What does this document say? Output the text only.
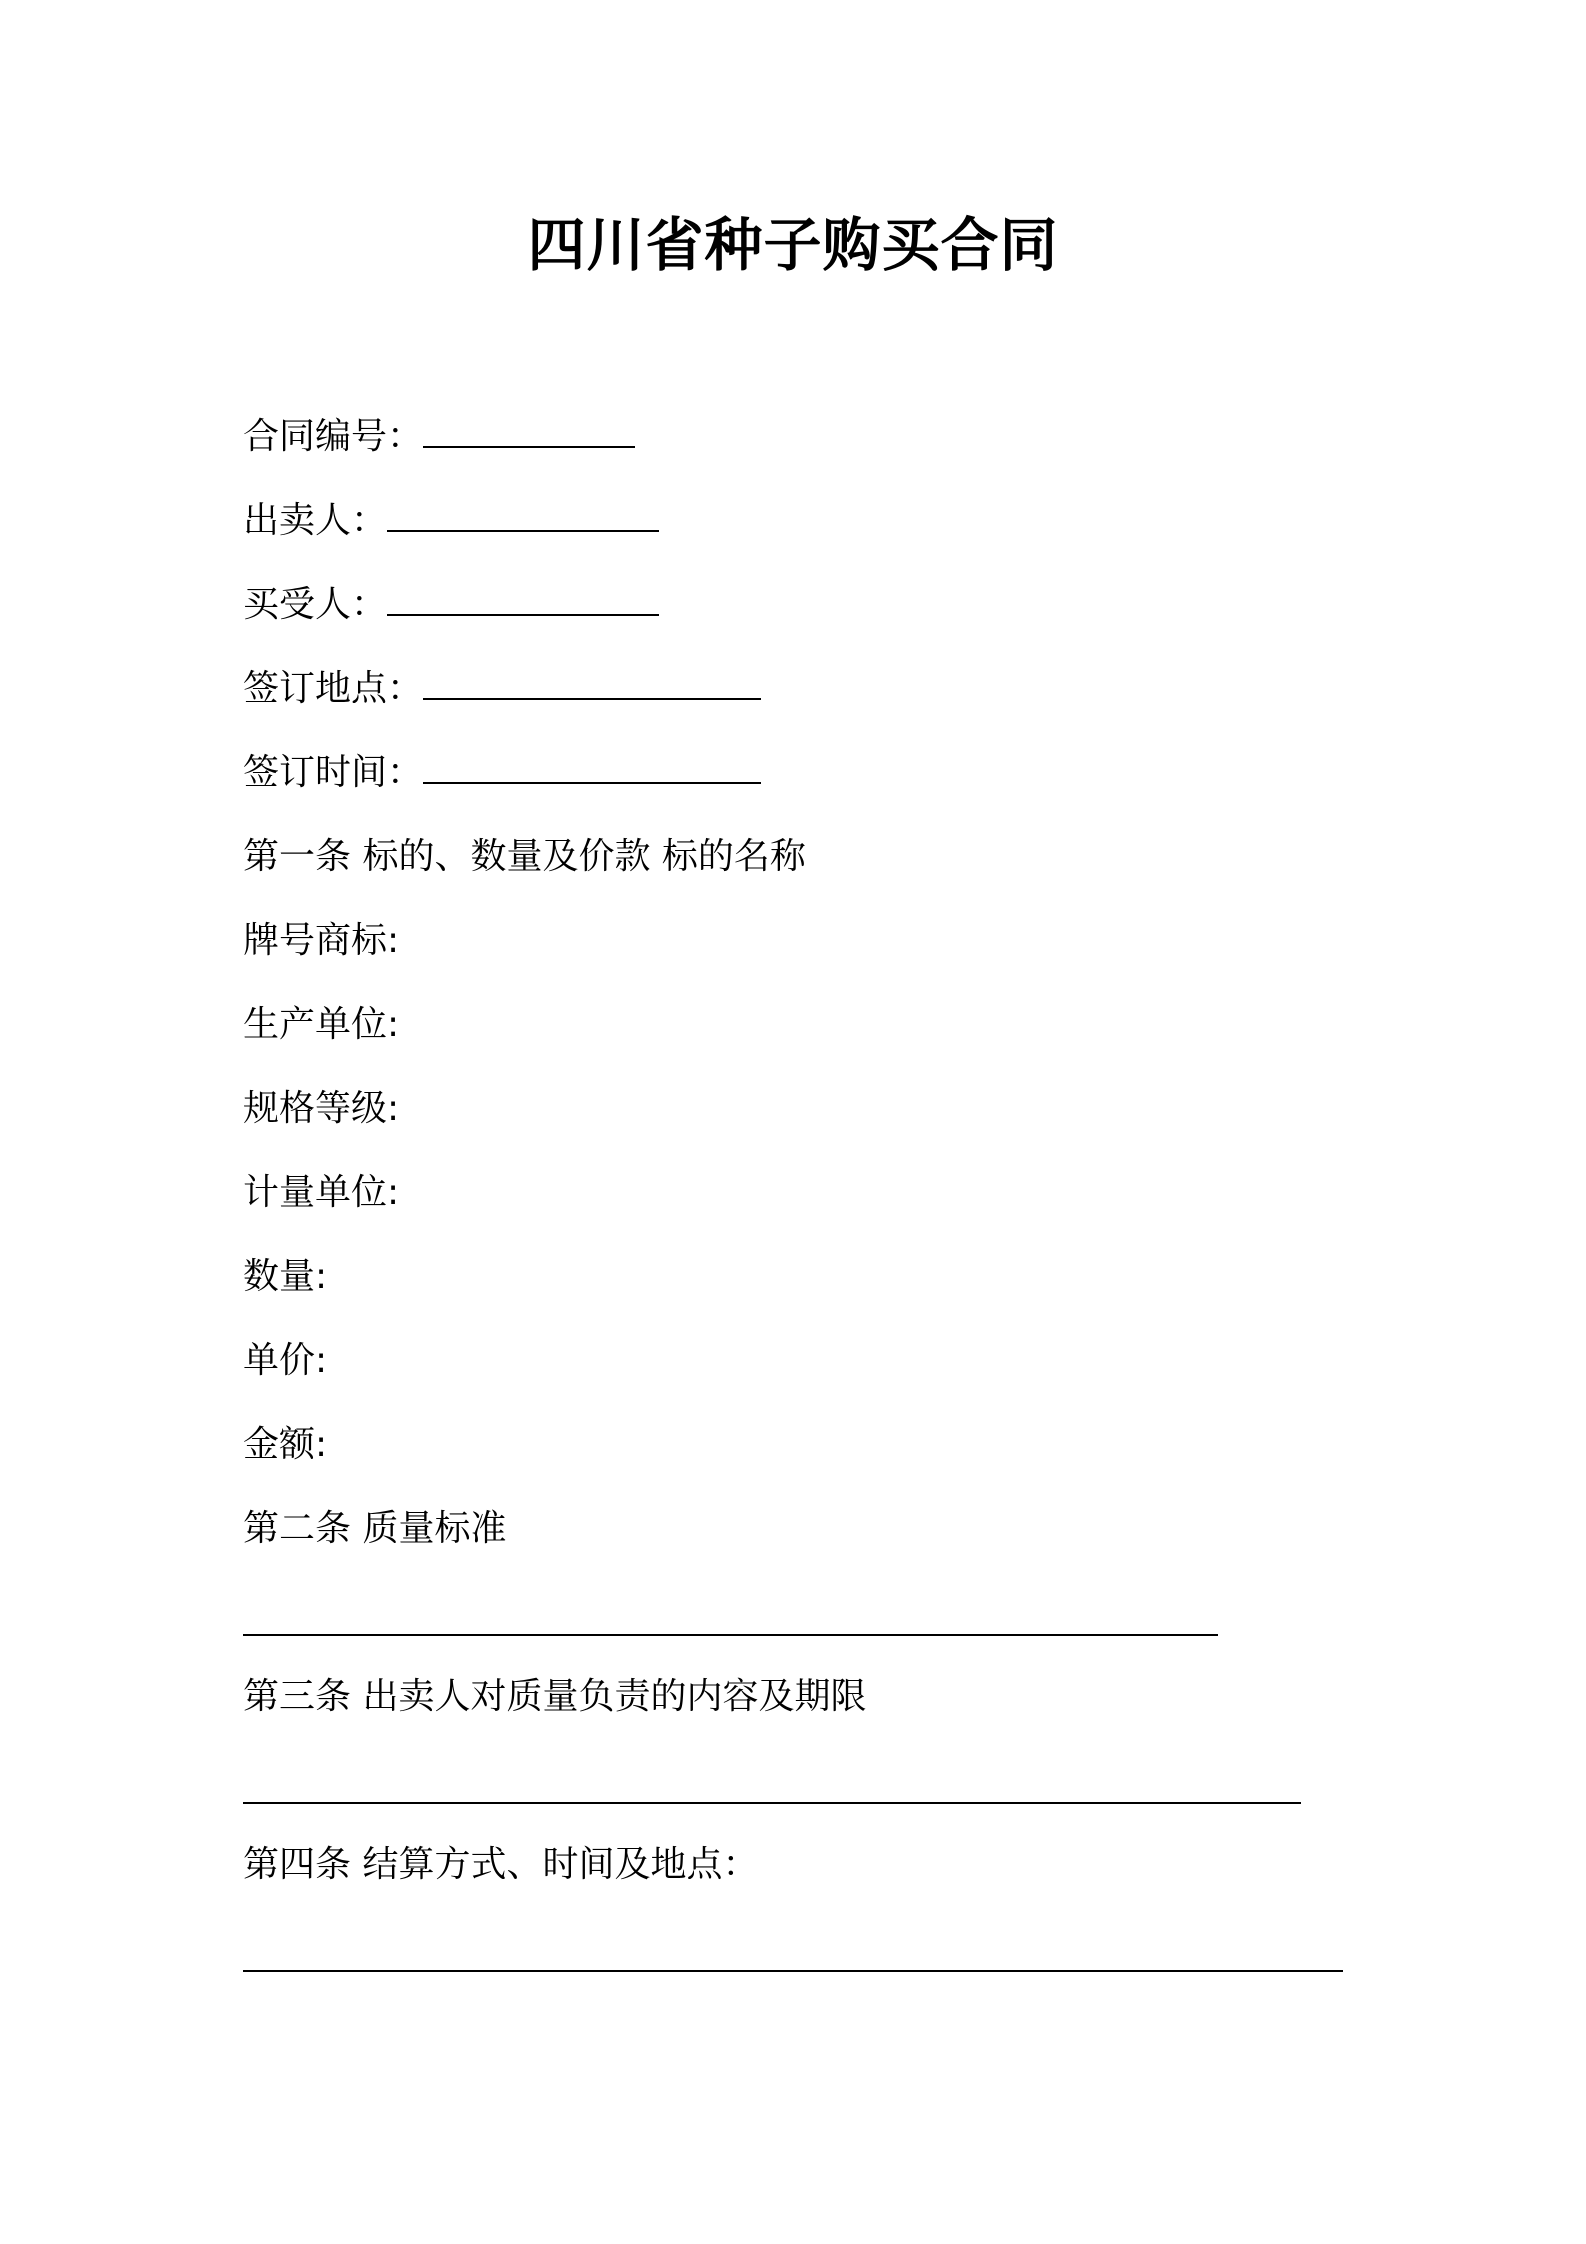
四川省种子购买合同
合同编号：
出卖人：
买受人：
签订地点：
签订时间：
第一条 标的、数量及价款 标的名称
牌号商标:
生产单位:
规格等级:
计量单位:
数量:
单价:
金额:
第二条 质量标准
第三条 出卖人对质量负责的内容及期限
第四条 结算方式、时间及地点：
